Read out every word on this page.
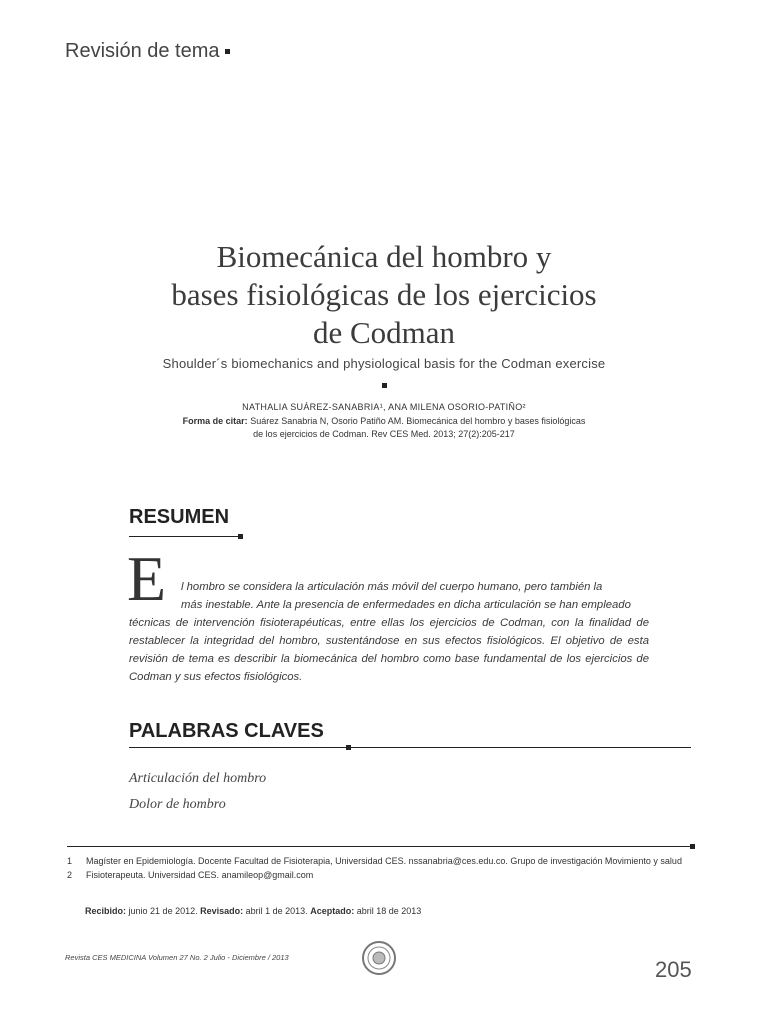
Revisión de tema
Biomecánica del hombro y
bases fisiológicas de los ejercicios
de Codman
Shoulder´s biomechanics and physiological basis for the Codman exercise
NATHALIA SUÁREZ-SANABRIA¹, ANA MILENA OSORIO-PATIÑO²
Forma de citar: Suárez Sanabria N, Osorio Patiño AM. Biomecánica del hombro y bases fisiológicas
de los ejercicios de Codman. Rev CES Med. 2013; 27(2):205-217
RESUMEN
E	l hombro se considera la articulación más móvil del cuerpo humano, pero también la
más inestable. Ante la presencia de enfermedades en dicha articulación se han empleado
técnicas de intervención fisioterapéuticas, entre ellas los ejercicios de Codman, con la finalidad de restablecer la integridad del hombro, sustentándose en sus efectos fisiológicos. El objetivo de esta revisión de tema es describir la biomecánica del hombro como base fundamental de los ejercicios de Codman y sus efectos fisiológicos.
PALABRAS CLAVES
Articulación del hombro
Dolor de hombro
1 Magíster en Epidemiología. Docente Facultad de Fisioterapia, Universidad CES. nssanabria@ces.edu.co. Grupo de investigación Movimiento y salud
2 Fisioterapeuta. Universidad CES. anamileop@gmail.com
Recibido: junio 21 de 2012. Revisado: abril 1 de 2013. Aceptado: abril 18 de 2013
Revista CES MEDICINA Volumen 27 No. 2 Julio - Diciembre / 2013	205
